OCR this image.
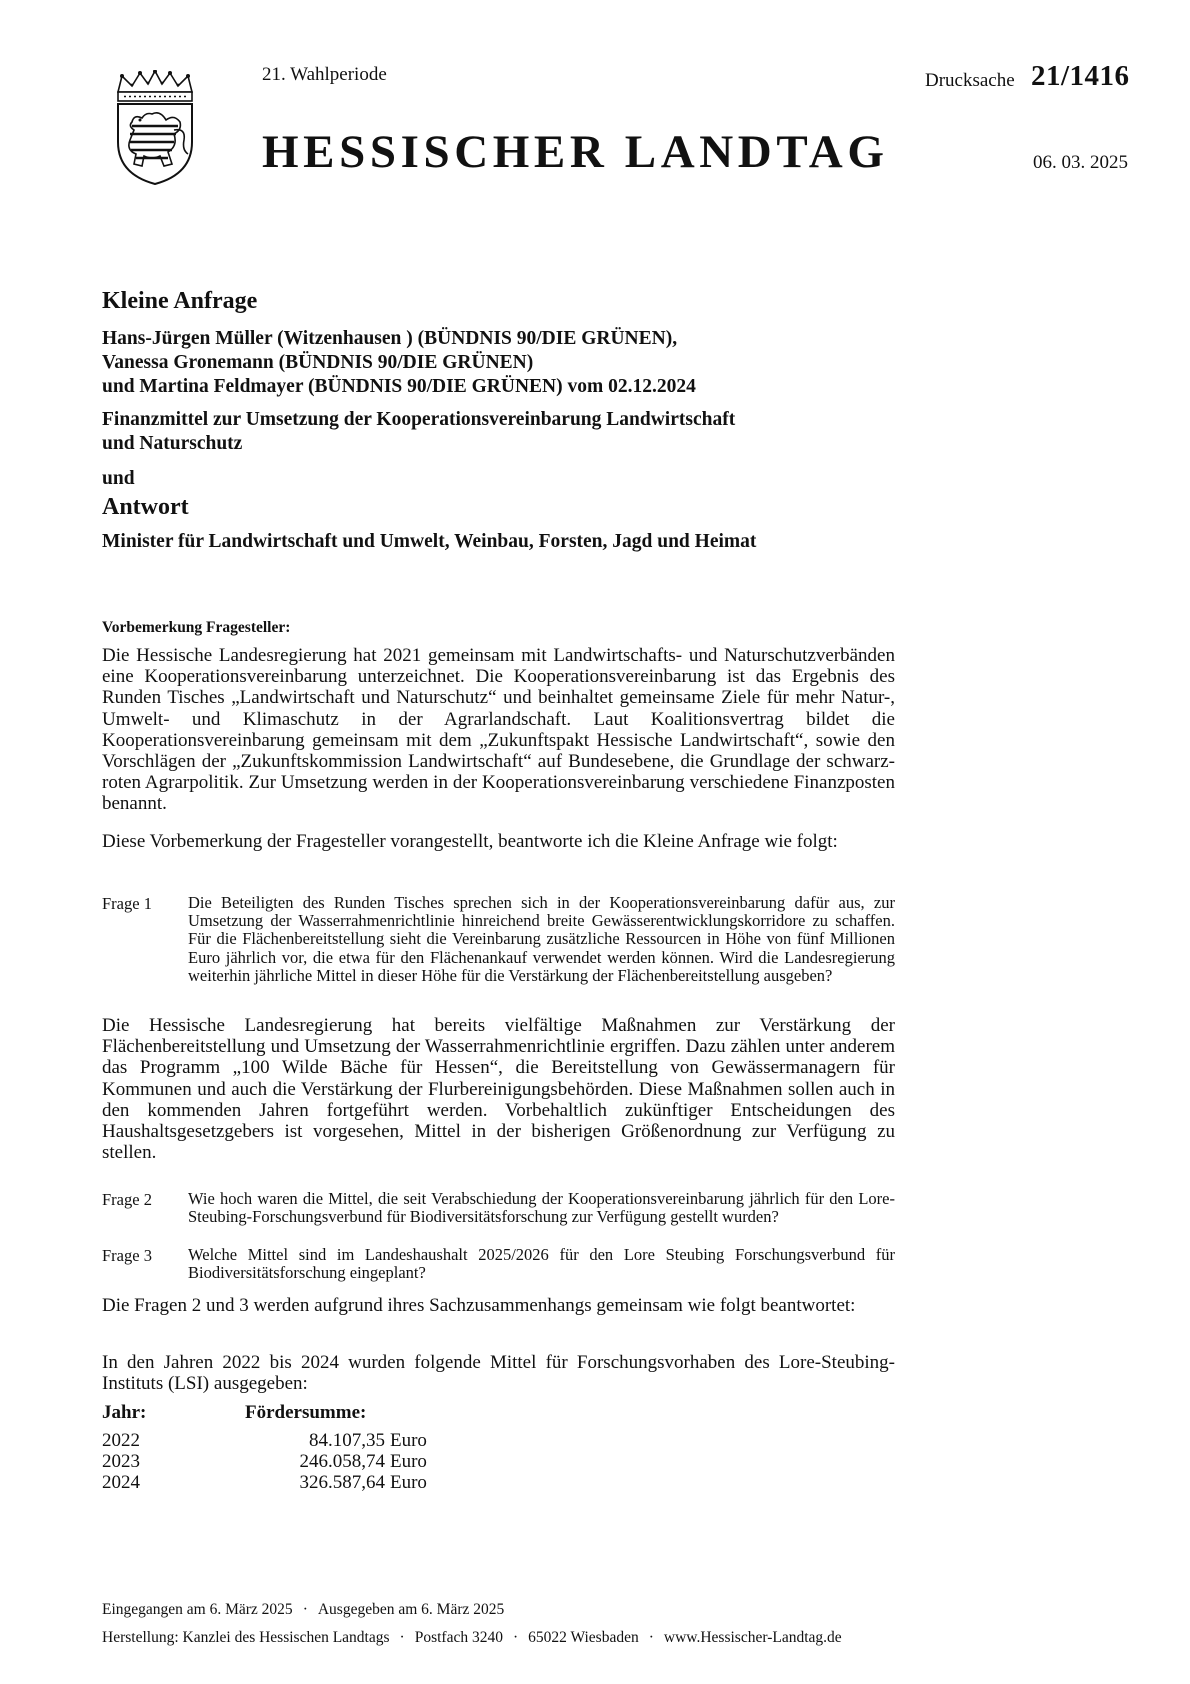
21. Wahlperiode	Drucksache 21/1416
HESSISCHER LANDTAG	06. 03. 2025
Kleine Anfrage
Hans-Jürgen Müller (Witzenhausen ) (BÜNDNIS 90/DIE GRÜNEN),
Vanessa Gronemann (BÜNDNIS 90/DIE GRÜNEN)
und Martina Feldmayer (BÜNDNIS 90/DIE GRÜNEN) vom 02.12.2024
Finanzmittel zur Umsetzung der Kooperationsvereinbarung Landwirtschaft
und Naturschutz
und
Antwort
Minister für Landwirtschaft und Umwelt, Weinbau, Forsten, Jagd und Heimat
Vorbemerkung Fragesteller:
Die Hessische Landesregierung hat 2021 gemeinsam mit Landwirtschafts- und Naturschutzverbänden eine Kooperationsvereinbarung unterzeichnet. Die Kooperationsvereinbarung ist das Ergebnis des Runden Tisches „Landwirtschaft und Naturschutz“ und beinhaltet gemeinsame Ziele für mehr Natur-, Umwelt- und Klimaschutz in der Agrarlandschaft. Laut Koalitionsvertrag bildet die Kooperationsvereinbarung gemeinsam mit dem „Zukunftspakt Hessische Landwirtschaft“, sowie den Vorschlägen der „Zukunftskommission Landwirtschaft“ auf Bundesebene, die Grundlage der schwarz-roten Agrarpolitik. Zur Umsetzung werden in der Kooperationsvereinbarung verschiedene Finanzposten benannt.
Diese Vorbemerkung der Fragesteller vorangestellt, beantworte ich die Kleine Anfrage wie folgt:
Frage 1 Die Beteiligten des Runden Tisches sprechen sich in der Kooperationsvereinbarung dafür aus, zur Umsetzung der Wasserrahmenrichtlinie hinreichend breite Gewässerentwicklungskorridore zu schaffen. Für die Flächenbereitstellung sieht die Vereinbarung zusätzliche Ressourcen in Höhe von fünf Millionen Euro jährlich vor, die etwa für den Flächenankauf verwendet werden können. Wird die Landesregierung weiterhin jährliche Mittel in dieser Höhe für die Verstärkung der Flächenbereitstellung ausgeben?
Die Hessische Landesregierung hat bereits vielfältige Maßnahmen zur Verstärkung der Flächenbereitstellung und Umsetzung der Wasserrahmenrichtlinie ergriffen. Dazu zählen unter anderem das Programm „100 Wilde Bäche für Hessen“, die Bereitstellung von Gewässermanagern für Kommunen und auch die Verstärkung der Flurbereinigungsbehörden. Diese Maßnahmen sollen auch in den kommenden Jahren fortgeführt werden. Vorbehaltlich zukünftiger Entscheidungen des Haushaltsgesetzgebers ist vorgesehen, Mittel in der bisherigen Größenordnung zur Verfügung zu stellen.
Frage 2 Wie hoch waren die Mittel, die seit Verabschiedung der Kooperationsvereinbarung jährlich für den Lore-Steubing-Forschungsverbund für Biodiversitätsforschung zur Verfügung gestellt wurden?
Frage 3 Welche Mittel sind im Landeshaushalt 2025/2026 für den Lore Steubing Forschungsverbund für Biodiversitätsforschung eingeplant?
Die Fragen 2 und 3 werden aufgrund ihres Sachzusammenhangs gemeinsam wie folgt beantwortet:
In den Jahren 2022 bis 2024 wurden folgende Mittel für Forschungsvorhaben des Lore-Steubing-Instituts (LSI) ausgegeben:
Jahr:	Fördersumme:	
2022	84.107,35	Euro
2023	246.058,74	Euro
2024	326.587,64	Euro
Eingegangen am 6. März 2025 · Ausgegeben am 6. März 2025
Herstellung: Kanzlei des Hessischen Landtags · Postfach 3240 · 65022 Wiesbaden · www.Hessischer-Landtag.de
